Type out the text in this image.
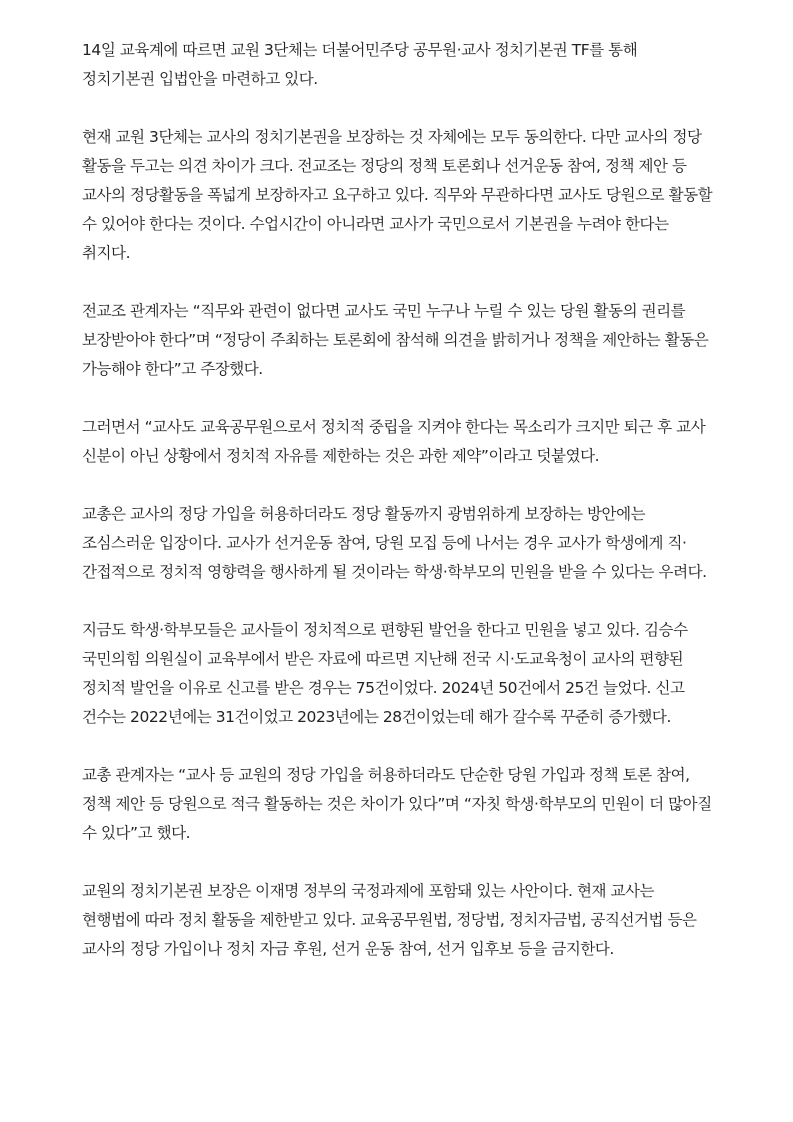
14일 교육계에 따르면 교원 3단체는 더불어민주당 공무원·교사 정치기본권 TF를 통해 정치기본권 입법안을 마련하고 있다.

현재 교원 3단체는 교사의 정치기본권을 보장하는 것 자체에는 모두 동의한다. 다만 교사의 정당 활동을 두고는 의견 차이가 크다. 전교조는 정당의 정책 토론회나 선거운동 참여, 정책 제안 등 교사의 정당활동을 폭넓게 보장하자고 요구하고 있다. 직무와 무관하다면 교사도 당원으로 활동할 수 있어야 한다는 것이다. 수업시간이 아니라면 교사가 국민으로서 기본권을 누려야 한다는 취지다.

전교조 관계자는 “직무와 관련이 없다면 교사도 국민 누구나 누릴 수 있는 당원 활동의 권리를 보장받아야 한다”며 “정당이 주최하는 토론회에 참석해 의견을 밝히거나 정책을 제안하는 활동은 가능해야 한다”고 주장했다.

그러면서 “교사도 교육공무원으로서 정치적 중립을 지켜야 한다는 목소리가 크지만 퇴근 후 교사 신분이 아닌 상황에서 정치적 자유를 제한하는 것은 과한 제약”이라고 덧붙였다.

교총은 교사의 정당 가입을 허용하더라도 정당 활동까지 광범위하게 보장하는 방안에는 조심스러운 입장이다. 교사가 선거운동 참여, 당원 모집 등에 나서는 경우 교사가 학생에게 직·간접적으로 정치적 영향력을 행사하게 될 것이라는 학생·학부모의 민원을 받을 수 있다는 우려다.

지금도 학생·학부모들은 교사들이 정치적으로 편향된 발언을 한다고 민원을 넣고 있다. 김승수 국민의힘 의원실이 교육부에서 받은 자료에 따르면 지난해 전국 시·도교육청이 교사의 편향된 정치적 발언을 이유로 신고를 받은 경우는 75건이었다. 2024년 50건에서 25건 늘었다. 신고 건수는 2022년에는 31건이었고 2023년에는 28건이었는데 해가 갈수록 꾸준히 증가했다.

교총 관계자는 “교사 등 교원의 정당 가입을 허용하더라도 단순한 당원 가입과 정책 토론 참여, 정책 제안 등 당원으로 적극 활동하는 것은 차이가 있다”며 “자칫 학생·학부모의 민원이 더 많아질 수 있다”고 했다.

교원의 정치기본권 보장은 이재명 정부의 국정과제에 포함돼 있는 사안이다. 현재 교사는 현행법에 따라 정치 활동을 제한받고 있다. 교육공무원법, 정당법, 정치자금법, 공직선거법 등은 교사의 정당 가입이나 정치 자금 후원, 선거 운동 참여, 선거 입후보 등을 금지한다.
